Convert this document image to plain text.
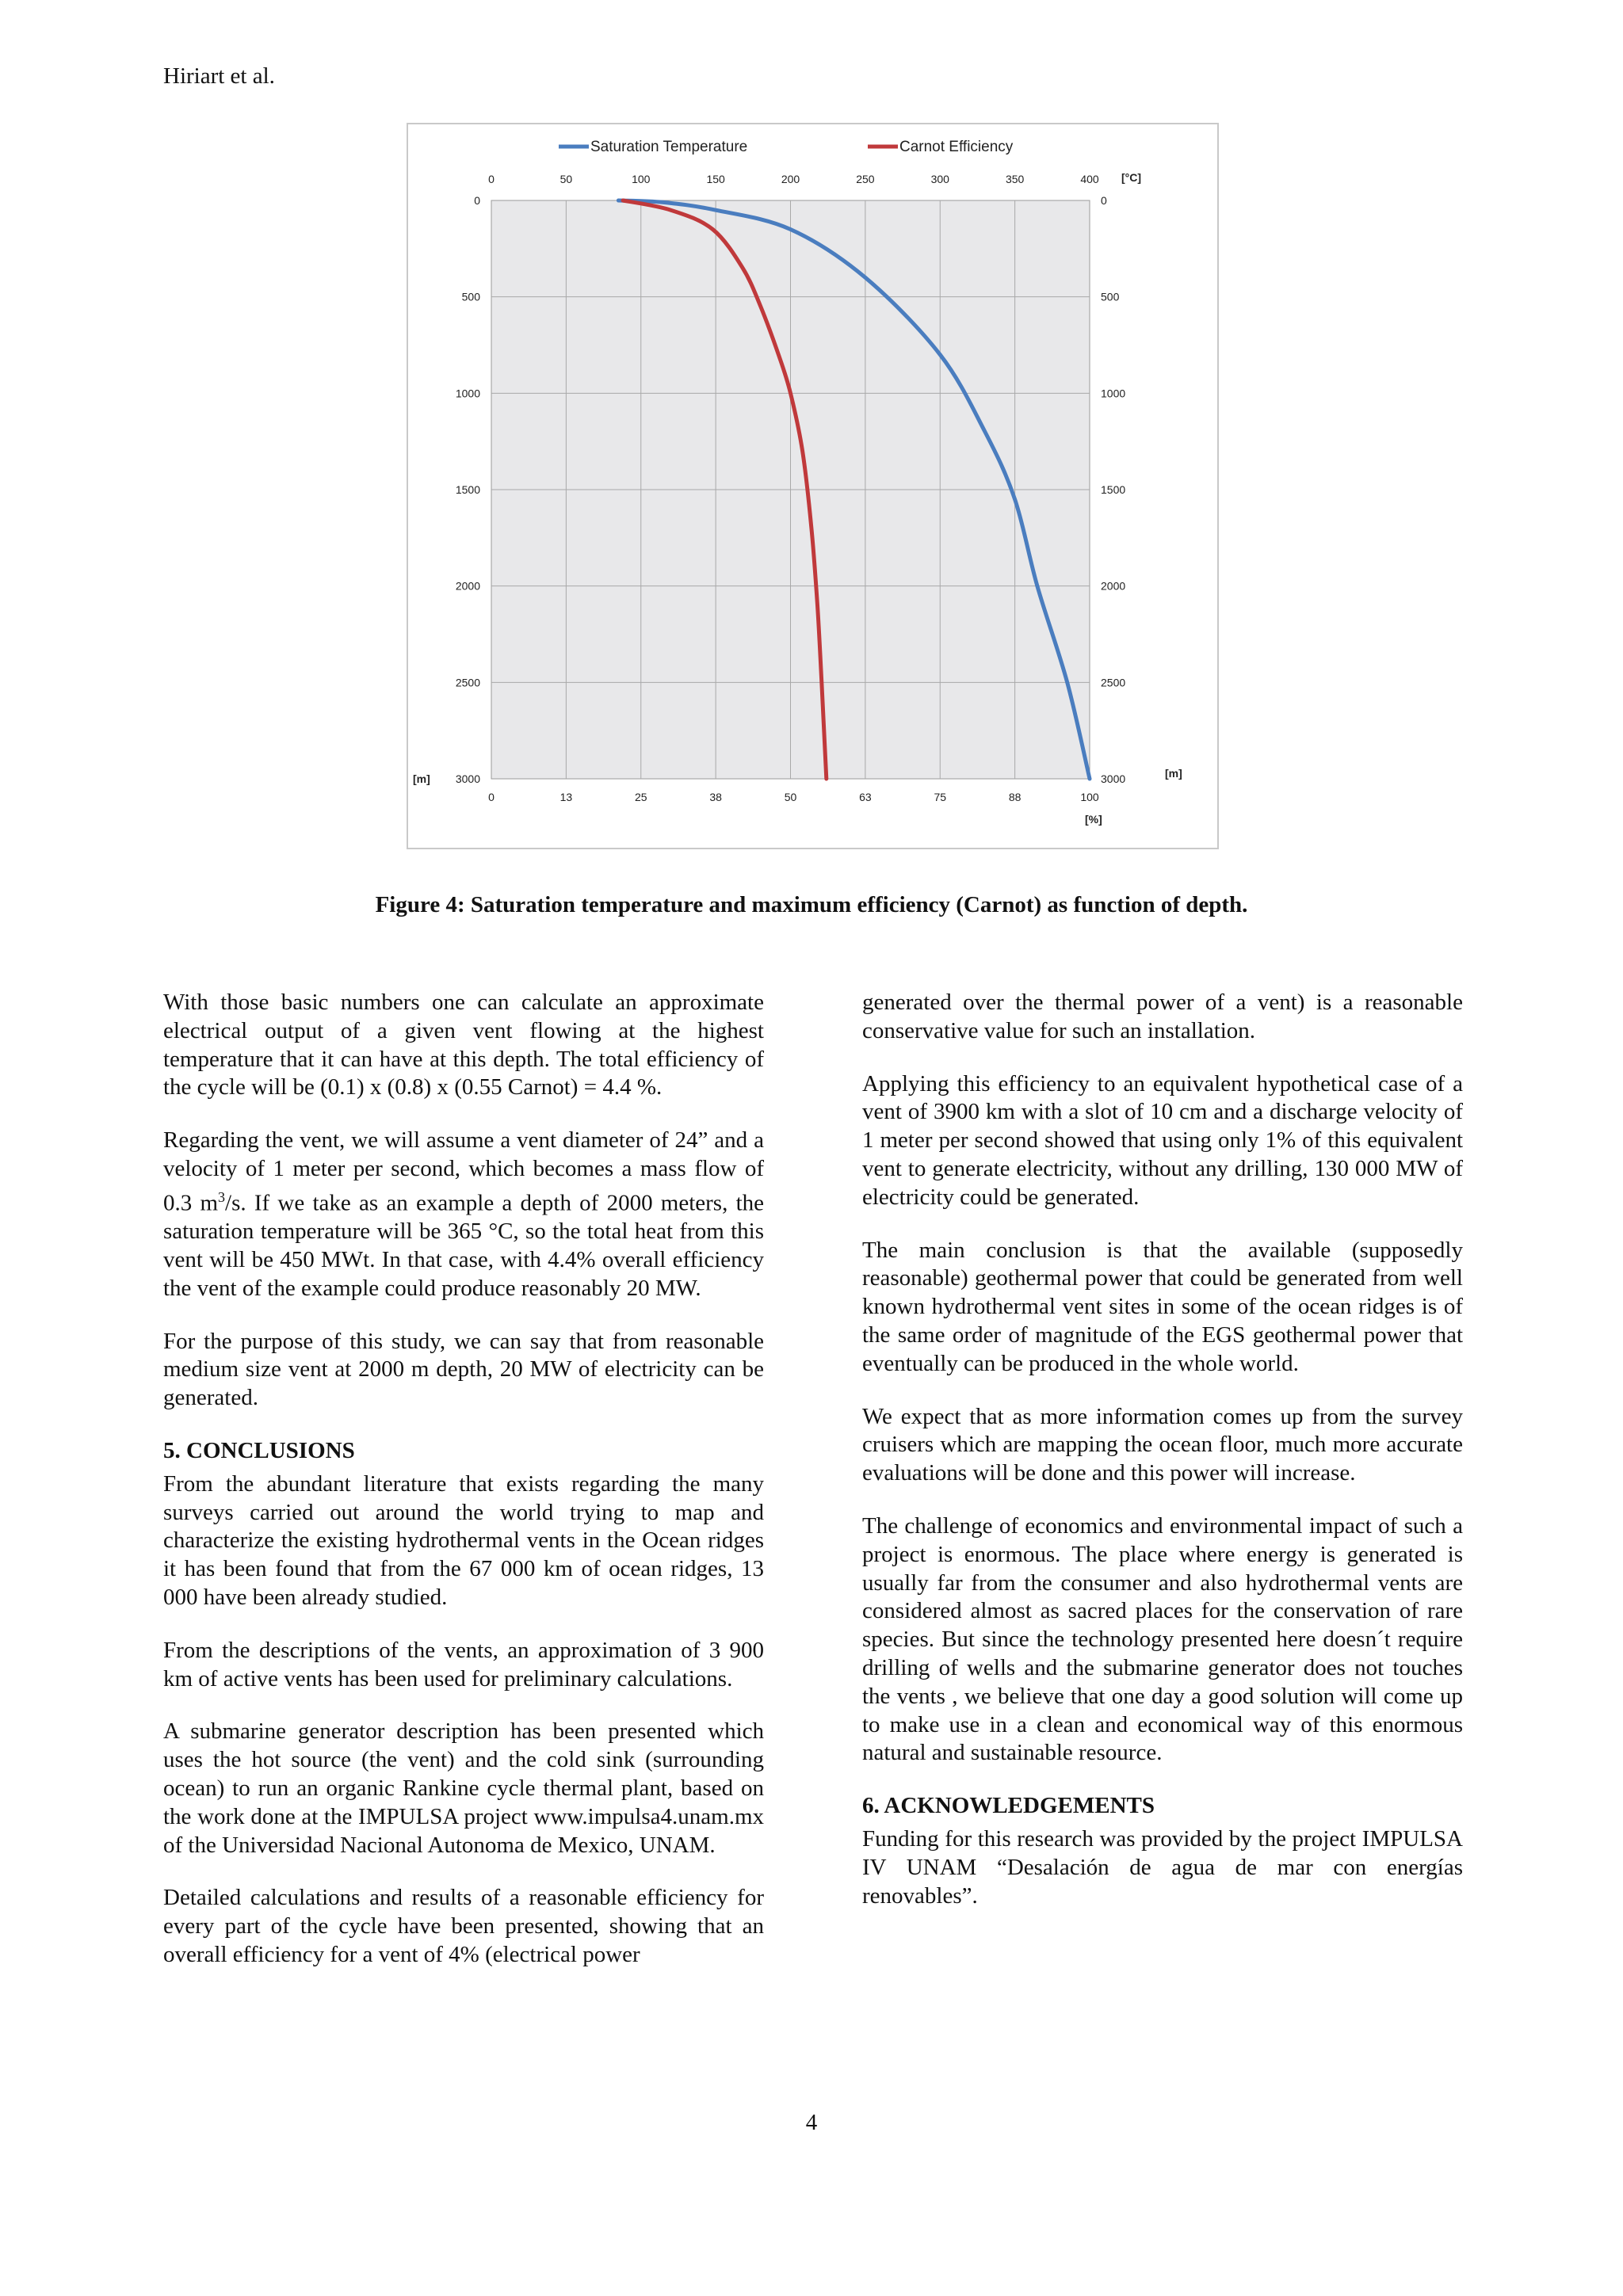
Hiriart et al.
0	50	100	150	200	250	300	350	400
0	13	25	38	50	63	75	88	100
0
500
1000
1500
2000
2500
3000
0
500
1000
1500
2000
2500
3000
[°C]
[%]
[m]	[m]
Saturation Temperature	Carnot Efficiency
Figure 4: Saturation temperature and maximum efficiency (Carnot) as function of depth.

With those basic numbers one can calculate an approximate electrical output of a given vent flowing at the highest temperature that it can have at this depth. The total efficiency of the cycle will be (0.1) x (0.8) x (0.55 Carnot) = 4.4 %.

Regarding the vent, we will assume a vent diameter of 24” and a velocity of 1 meter per second, which becomes a mass flow of 0.3 $m^3/s$. If we take as an example a depth of 2000 meters, the saturation temperature will be 365 °C, so the total heat from this vent will be 450 MWt. In that case, with 4.4% overall efficiency the vent of the example could produce reasonably 20 MW.

For the purpose of this study, we can say that from reasonable medium size vent at 2000 m depth, 20 MW of electricity can be generated.

5. CONCLUSIONS

From the abundant literature that exists regarding the many surveys carried out around the world trying to map and characterize the existing hydrothermal vents in the Ocean ridges it has been found that from the 67 000 km of ocean ridges, 13 000 have been already studied.

From the descriptions of the vents, an approximation of 3 900 km of active vents has been used for preliminary calculations.

A submarine generator description has been presented which uses the hot source (the vent) and the cold sink (surrounding ocean) to run an organic Rankine cycle thermal plant, based on the work done at the IMPULSA project www.impulsa4.unam.mx of the Universidad Nacional Autonoma de Mexico, UNAM.

Detailed calculations and results of a reasonable efficiency for every part of the cycle have been presented, showing that an overall efficiency for a vent of 4% (electrical power

generated over the thermal power of a vent) is a reasonable conservative value for such an installation.

Applying this efficiency to an equivalent hypothetical case of a vent of 3900 km with a slot of 10 cm and a discharge velocity of 1 meter per second showed that using only 1% of this equivalent vent to generate electricity, without any drilling, 130 000 MW of electricity could be generated.

The main conclusion is that the available (supposedly reasonable) geothermal power that could be generated from well known hydrothermal vent sites in some of the ocean ridges is of the same order of magnitude of the EGS geothermal power that eventually can be produced in the whole world.

We expect that as more information comes up from the survey cruisers which are mapping the ocean floor, much more accurate evaluations will be done and this power will increase.

The challenge of economics and environmental impact of such a project is enormous. The place where energy is generated is usually far from the consumer and also hydrothermal vents are considered almost as sacred places for the conservation of rare species. But since the technology presented here doesn´t require drilling of wells and the submarine generator does not touches the vents , we believe that one day a good solution will come up to make use in a clean and economical way of this enormous natural and sustainable resource.

6. ACKNOWLEDGEMENTS

Funding for this research was provided by the project IMPULSA IV UNAM “Desalación de agua de mar con energías renovables”.

4
